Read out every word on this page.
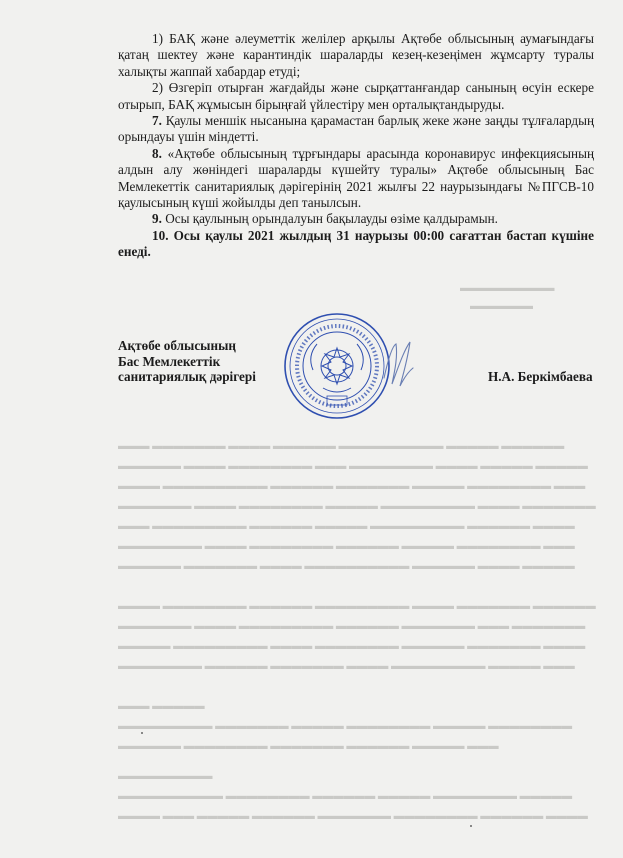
▬▬▬ ▬▬▬▬▬▬▬ ▬▬▬▬ ▬▬▬▬▬▬ ▬▬▬▬▬▬▬▬▬▬ ▬▬▬▬▬ ▬▬▬▬▬▬
▬▬▬▬▬▬ ▬▬▬▬ ▬▬▬▬▬▬▬▬ ▬▬▬ ▬▬▬▬▬▬▬▬ ▬▬▬▬ ▬▬▬▬▬ ▬▬▬▬▬
▬▬▬▬ ▬▬▬▬▬▬▬▬▬▬ ▬▬▬▬▬▬ ▬▬▬▬▬▬▬ ▬▬▬▬▬ ▬▬▬▬▬▬▬▬ ▬▬▬
▬▬▬▬▬▬▬ ▬▬▬▬ ▬▬▬▬▬▬▬▬ ▬▬▬▬▬ ▬▬▬▬▬▬▬▬▬ ▬▬▬▬ ▬▬▬▬▬▬▬
▬▬▬ ▬▬▬▬▬▬▬▬▬ ▬▬▬▬▬▬ ▬▬▬▬▬ ▬▬▬▬▬▬▬▬▬ ▬▬▬▬▬▬ ▬▬▬▬
▬▬▬▬▬▬▬▬ ▬▬▬▬ ▬▬▬▬▬▬▬▬ ▬▬▬▬▬▬ ▬▬▬▬▬ ▬▬▬▬▬▬▬▬ ▬▬▬
▬▬▬▬▬▬ ▬▬▬▬▬▬▬ ▬▬▬▬ ▬▬▬▬▬▬▬▬▬▬ ▬▬▬▬▬▬ ▬▬▬▬ ▬▬▬▬▬
▬▬▬▬ ▬▬▬▬▬▬▬▬ ▬▬▬▬▬▬ ▬▬▬▬▬▬▬▬▬ ▬▬▬▬ ▬▬▬▬▬▬▬ ▬▬▬▬▬▬
▬▬▬▬▬▬▬ ▬▬▬▬ ▬▬▬▬▬▬▬▬▬ ▬▬▬▬▬▬ ▬▬▬▬▬▬▬ ▬▬▬ ▬▬▬▬▬▬▬
▬▬▬▬▬ ▬▬▬▬▬▬▬▬▬ ▬▬▬▬ ▬▬▬▬▬▬▬▬ ▬▬▬▬▬▬ ▬▬▬▬▬▬▬ ▬▬▬▬
▬▬▬▬▬▬▬▬ ▬▬▬▬▬▬ ▬▬▬▬▬▬▬ ▬▬▬▬ ▬▬▬▬▬▬▬▬▬ ▬▬▬▬▬ ▬▬▬
▬▬▬ ▬▬▬▬▬
▬▬▬▬▬▬▬▬▬ ▬▬▬▬▬▬▬ ▬▬▬▬▬ ▬▬▬▬▬▬▬▬ ▬▬▬▬▬ ▬▬▬▬▬▬▬▬
▬▬▬▬▬▬ ▬▬▬▬▬▬▬▬ ▬▬▬▬▬▬▬ ▬▬▬▬▬▬ ▬▬▬▬▬ ▬▬▬
▬▬▬▬▬▬▬▬▬
▬▬▬▬▬▬▬▬▬▬ ▬▬▬▬▬▬▬▬ ▬▬▬▬▬▬ ▬▬▬▬▬ ▬▬▬▬▬▬▬▬ ▬▬▬▬▬
▬▬▬▬ ▬▬▬ ▬▬▬▬▬ ▬▬▬▬▬▬ ▬▬▬▬▬▬▬ ▬▬▬▬▬▬▬▬ ▬▬▬▬▬▬ ▬▬▬▬
▬▬▬▬▬▬▬▬▬
▬▬▬▬▬▬

1) БАҚ және әлеуметтік желілер арқылы Ақтөбе облысының аумағындағы қатаң шектеу және карантиндік шараларды кезең-кезеңімен жұмсарту туралы халықты жаппай хабардар етуді;

2) Өзгеріп отырған жағдайды және сырқаттанғандар санының өсуін ескере отырып, БАҚ жұмысын бірыңғай үйлестіру мен орталықтандыруды.

7. Қаулы меншік нысанына қарамастан барлық жеке және заңды тұлғалардың орындауы үшін міндетті.

8. «Ақтөбе облысының тұрғындары арасында коронавирус инфекциясының алдын алу жөніндегі шараларды күшейту туралы» Ақтөбе облысының Бас Мемлекеттік санитариялық дәрігерінің 2021 жылғы 22 наурызындағы №ПГСВ-10 қаулысының күші жойылды деп танылсын.

9. Осы қаулының орындалуын бақылауды өзіме қалдырамын.

10. Осы қаулы 2021 жылдың 31 наурызы 00:00 сағаттан бастап күшіне енеді.

Ақтөбе облысының
Бас Мемлекеттік
санитариялық дәрігері	Н.А. Беркімбаева
